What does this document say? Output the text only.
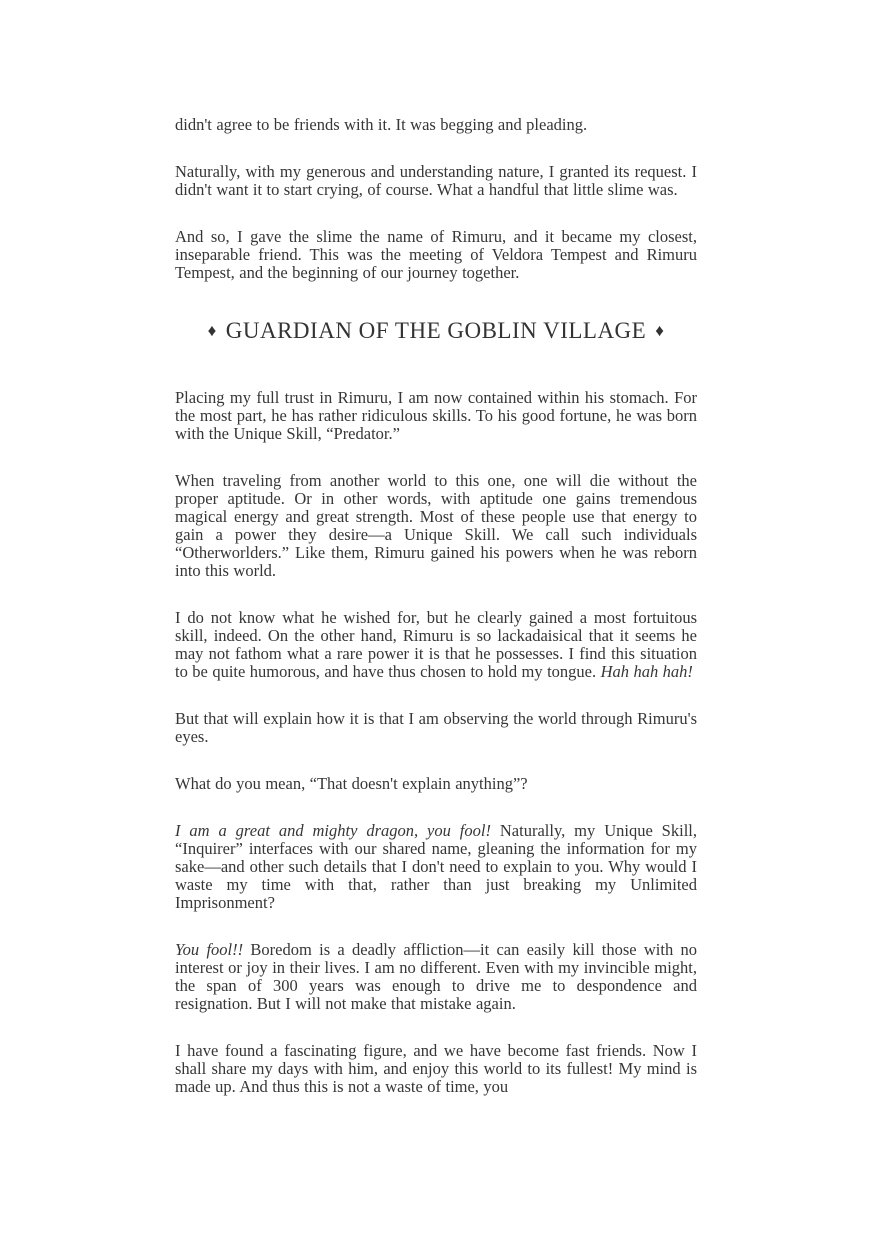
didn't agree to be friends with it. It was begging and pleading.

Naturally, with my generous and understanding nature, I granted its request. I didn't want it to start crying, of course. What a handful that little slime was.

And so, I gave the slime the name of Rimuru, and it became my closest, inseparable friend. This was the meeting of Veldora Tempest and Rimuru Tempest, and the beginning of our journey together.

♦ GUARDIAN OF THE GOBLIN VILLAGE ♦

Placing my full trust in Rimuru, I am now contained within his stomach. For the most part, he has rather ridiculous skills. To his good fortune, he was born with the Unique Skill, “Predator.”

When traveling from another world to this one, one will die without the proper aptitude. Or in other words, with aptitude one gains tremendous magical energy and great strength. Most of these people use that energy to gain a power they desire—a Unique Skill. We call such individuals “Otherworlders.” Like them, Rimuru gained his powers when he was reborn into this world.

I do not know what he wished for, but he clearly gained a most fortuitous skill, indeed. On the other hand, Rimuru is so lackadaisical that it seems he may not fathom what a rare power it is that he possesses. I find this situation to be quite humorous, and have thus chosen to hold my tongue. Hah hah hah!

But that will explain how it is that I am observing the world through Rimuru's eyes.

What do you mean, “That doesn't explain anything”?

I am a great and mighty dragon, you fool! Naturally, my Unique Skill, “Inquirer” interfaces with our shared name, gleaning the information for my sake—and other such details that I don't need to explain to you. Why would I waste my time with that, rather than just breaking my Unlimited Imprisonment?

You fool!! Boredom is a deadly affliction—it can easily kill those with no interest or joy in their lives. I am no different. Even with my invincible might, the span of 300 years was enough to drive me to despondence and resignation. But I will not make that mistake again.

I have found a fascinating figure, and we have become fast friends. Now I shall share my days with him, and enjoy this world to its fullest! My mind is made up. And thus this is not a waste of time, you
